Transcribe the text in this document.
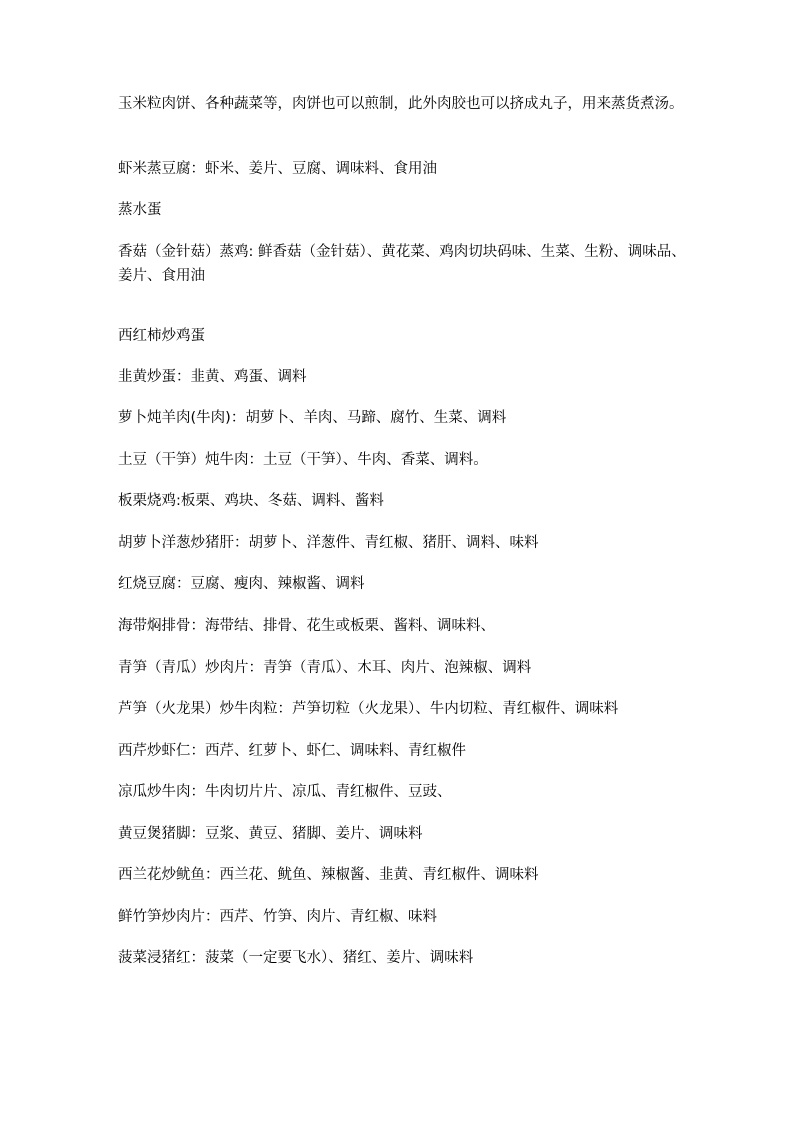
玉米粒肉饼、各种蔬菜等，肉饼也可以煎制，此外肉胶也可以挤成丸子，用来蒸货煮汤。
虾米蒸豆腐：虾米、姜片、豆腐、调味料、食用油
蒸水蛋
香菇（金针菇）蒸鸡: 鲜香菇（金针菇）、黄花菜、鸡肉切块码味、生菜、生粉、调味品、姜片、食用油
西红柿炒鸡蛋
韭黄炒蛋：韭黄、鸡蛋、调料
萝卜炖羊肉(牛肉)：胡萝卜、羊肉、马蹄、腐竹、生菜、调料
土豆（干笋）炖牛肉：土豆（干笋）、牛肉、香菜、调料。
板栗烧鸡:板栗、鸡块、冬菇、调料、酱料
胡萝卜洋葱炒猪肝：胡萝卜、洋葱件、青红椒、猪肝、调料、味料
红烧豆腐：豆腐、瘦肉、辣椒酱、调料
海带焖排骨：海带结、排骨、花生或板栗、酱料、调味料、
青笋（青瓜）炒肉片：青笋（青瓜）、木耳、肉片、泡辣椒、调料
芦笋（火龙果）炒牛肉粒：芦笋切粒（火龙果）、牛内切粒、青红椒件、调味料
西芹炒虾仁：西芹、红萝卜、虾仁、调味料、青红椒件
凉瓜炒牛肉：牛肉切片片、凉瓜、青红椒件、豆豉、
黄豆煲猪脚：豆浆、黄豆、猪脚、姜片、调味料
西兰花炒鱿鱼：西兰花、鱿鱼、辣椒酱、韭黄、青红椒件、调味料
鲜竹笋炒肉片：西芹、竹笋、肉片、青红椒、味料
菠菜浸猪红：菠菜（一定要飞水）、猪红、姜片、调味料
